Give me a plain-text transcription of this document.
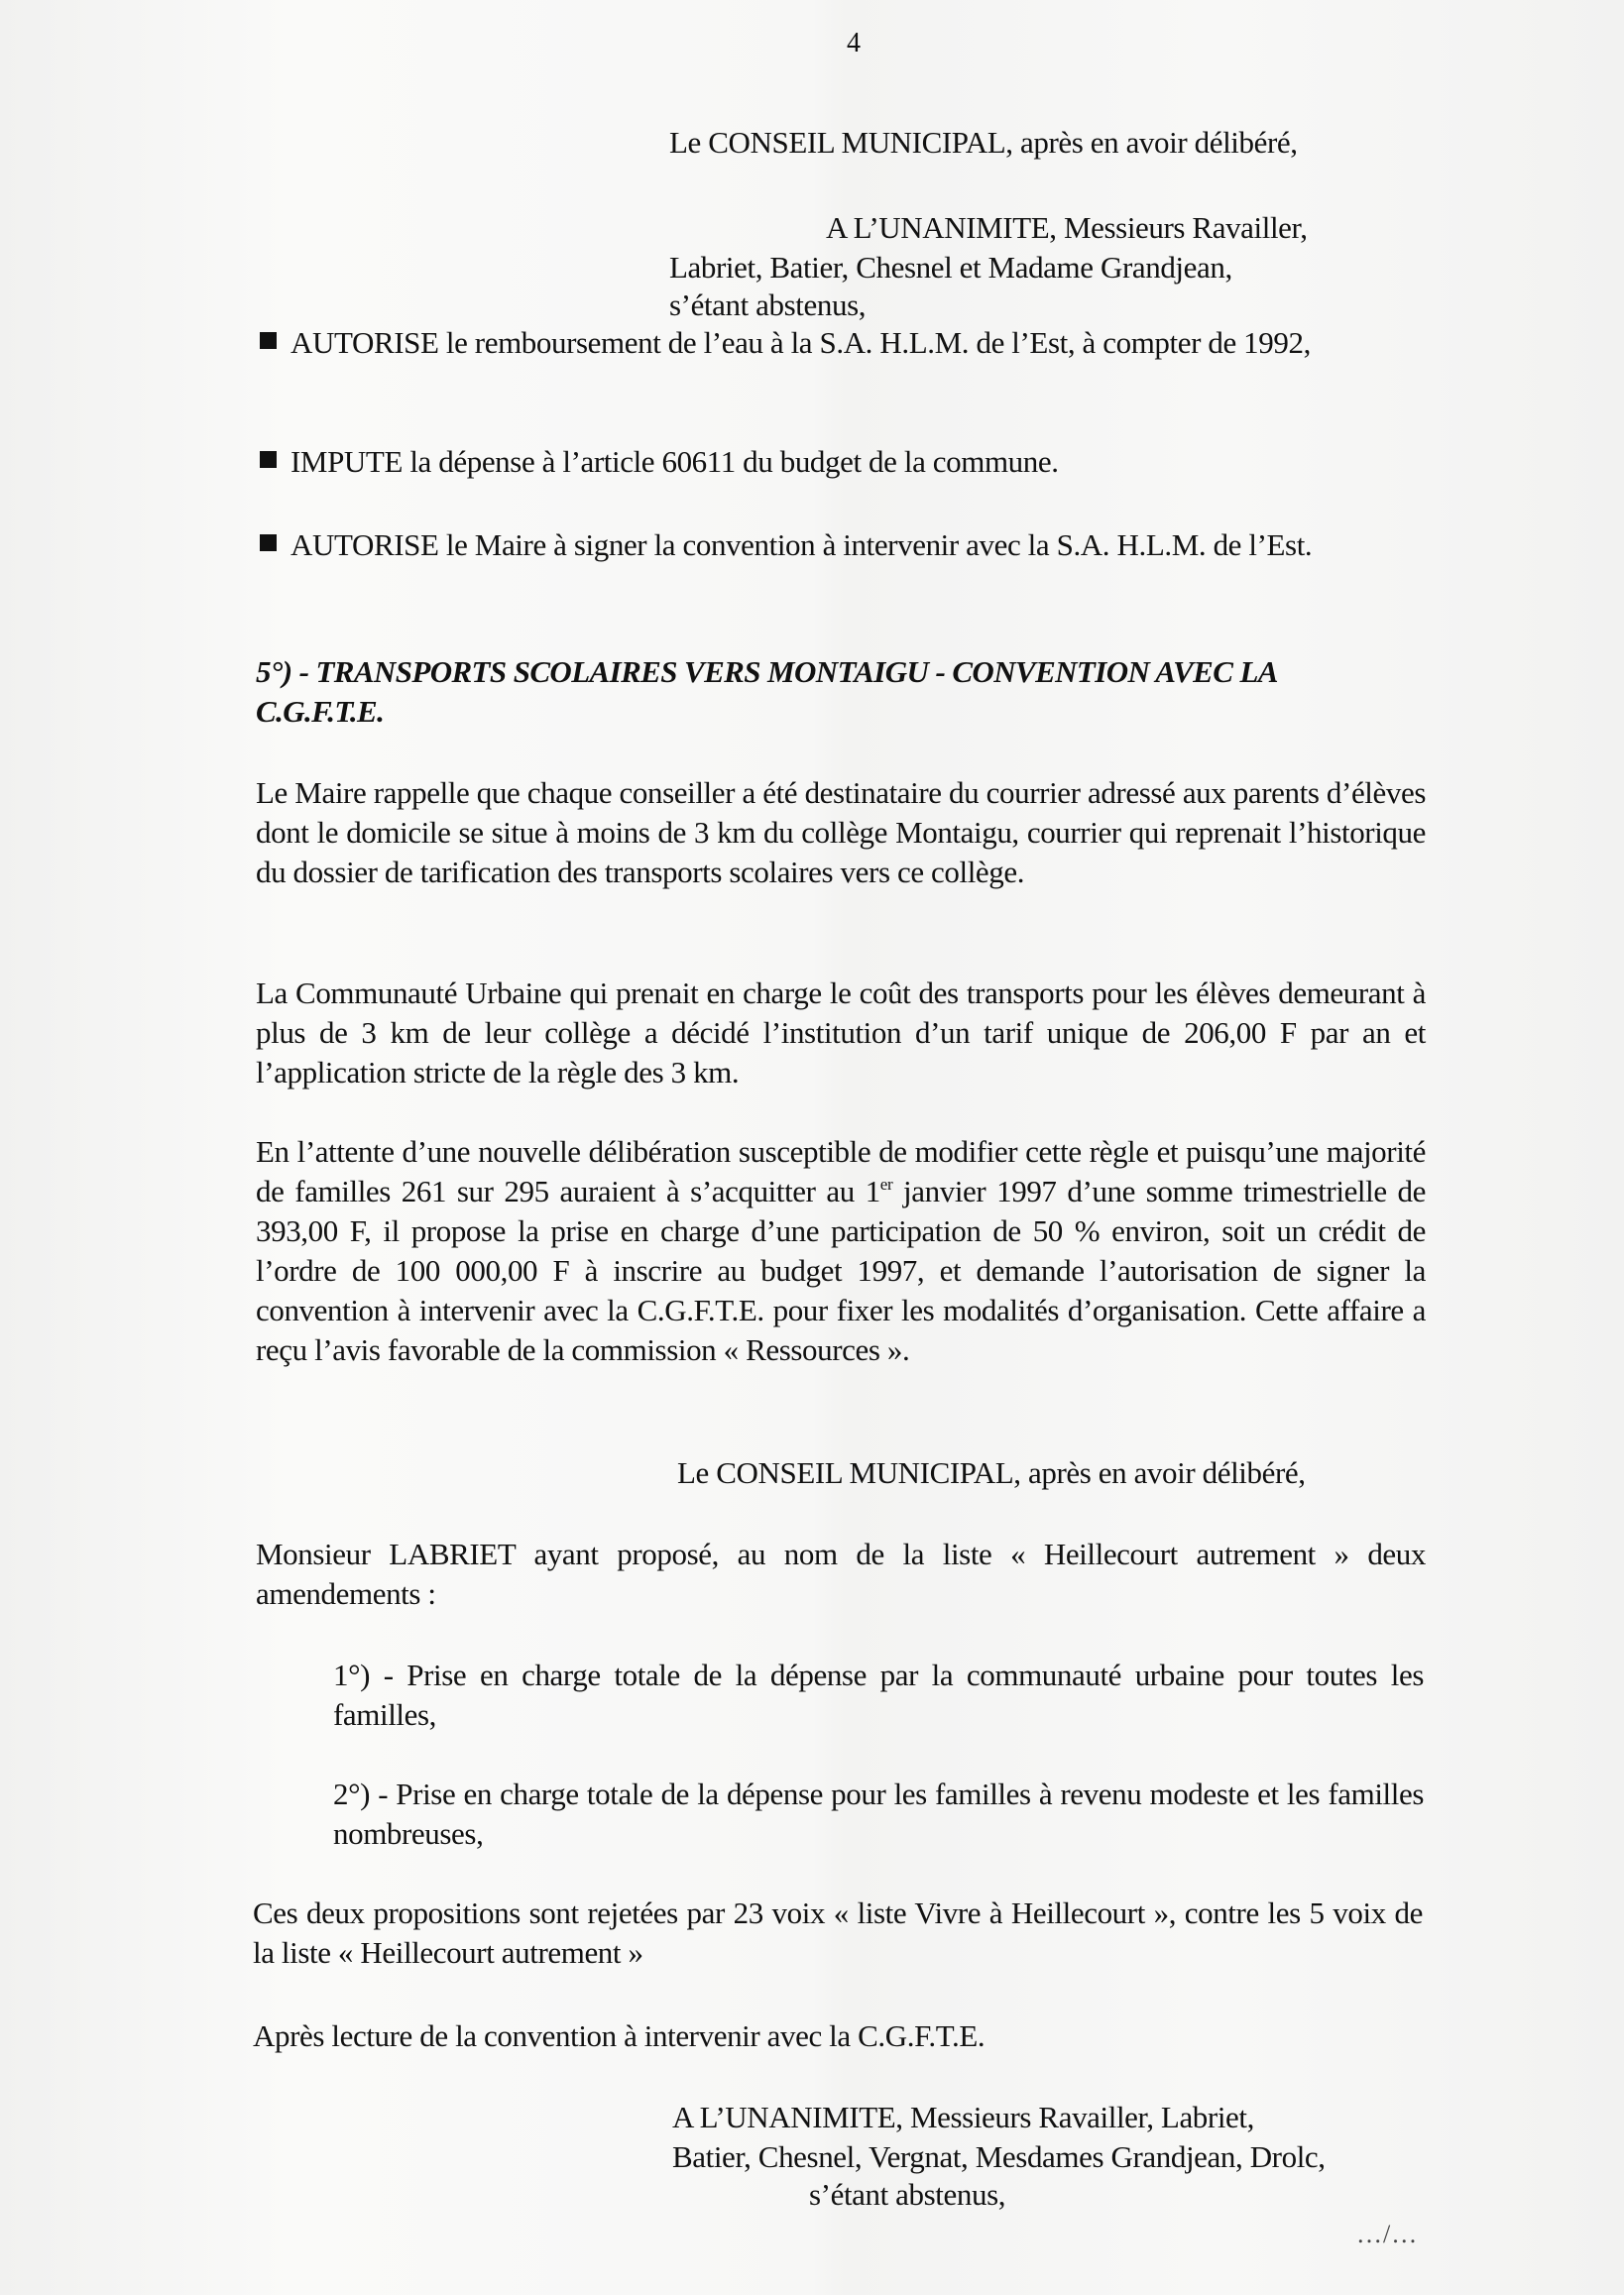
4
Le CONSEIL MUNICIPAL, après en avoir délibéré,
A L’UNANIMITE, Messieurs Ravailler,
Labriet, Batier, Chesnel et Madame Grandjean,
s’étant abstenus,
AUTORISE le remboursement de l’eau à la S.A. H.L.M. de l’Est, à compter de 1992,
IMPUTE la dépense à l’article 60611 du budget de la commune.
AUTORISE le Maire à signer la convention à intervenir avec la S.A. H.L.M. de l’Est.
5°) - TRANSPORTS SCOLAIRES VERS MONTAIGU - CONVENTION AVEC LA C.G.F.T.E.
Le Maire rappelle que chaque conseiller a été destinataire du courrier adressé aux parents d’élèves dont le domicile se situe à moins de 3 km du collège Montaigu, courrier qui reprenait l’historique du dossier de tarification des transports scolaires vers ce collège.
La Communauté Urbaine qui prenait en charge le coût des transports pour les élèves demeurant à plus de 3 km de leur collège a décidé l’institution d’un tarif unique de 206,00 F par an et l’application stricte de la règle des 3 km.
En l’attente d’une nouvelle délibération susceptible de modifier cette règle et puisqu’une majorité de familles 261 sur 295 auraient à s’acquitter au 1er janvier 1997 d’une somme trimestrielle de 393,00 F, il propose la prise en charge d’une participation de 50 % environ, soit un crédit de l’ordre de 100 000,00 F à inscrire au budget 1997, et demande l’autorisation de signer la convention à intervenir avec la C.G.F.T.E. pour fixer les modalités d’organisation. Cette affaire a reçu l’avis favorable de la commission « Ressources ».
Le CONSEIL MUNICIPAL, après en avoir délibéré,
Monsieur LABRIET ayant proposé, au nom de la liste « Heillecourt autrement » deux amendements :
1°) - Prise en charge totale de la dépense par la communauté urbaine pour toutes les familles,
2°) - Prise en charge totale de la dépense pour les familles à revenu modeste et les familles nombreuses,
Ces deux propositions sont rejetées par 23 voix « liste Vivre à Heillecourt », contre les 5 voix de la liste « Heillecourt autrement »
Après lecture de la convention à intervenir avec la C.G.F.T.E.
A L’UNANIMITE, Messieurs Ravailler, Labriet,
Batier, Chesnel, Vergnat, Mesdames Grandjean, Drolc,
s’étant abstenus,
…/…
